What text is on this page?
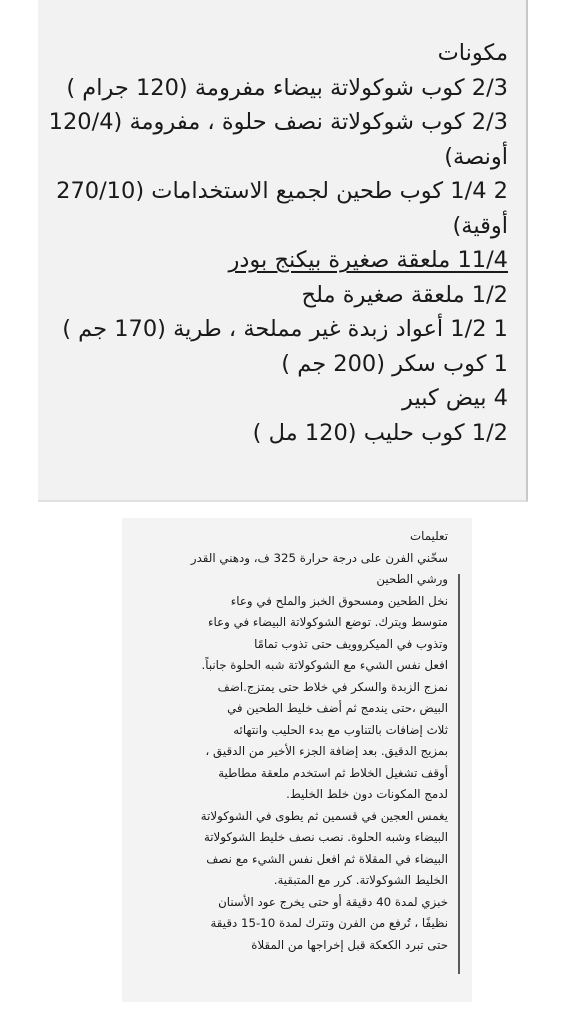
مكونات
2/3 كوب شوكولاتة بيضاء مفرومة (120 جرام )
2/3 كوب شوكولاتة نصف حلوة ، مفرومة (120/4
أونصة)
2 1/4 كوب طحين لجميع الاستخدامات (270/10
أوقية)
11/4 ملعقة صغيرة بيكنج بودر
1/2 ملعقة صغيرة ملح
1 1/2 أعواد زبدة غير مملحة ، طرية (170 جم )
1 كوب سكر (200 جم )
4 بيض كبير
1/2 كوب حليب (120 مل )
تعليمات
سخّني الفرن على درجة حرارة 325 ف، ودهني القدر
ورشي الطحين
نخل الطحين ومسحوق الخبز والملح في وعاء
متوسط ويترك. توضع الشوكولاتة البيضاء في وعاء
وتذوب في الميكروويف حتى تذوب تمامًا
افعل نفس الشيء مع الشوكولاتة شبه الحلوة جانباً.
نمزج الزبدة والسكر في خلاط حتى يمتزج.اضف
البيض ،حتى يندمج ثم أضف خليط الطحين في
ثلاث إضافات بالتناوب مع بدء الحليب وانتهائه
بمزيج الدقيق. بعد إضافة الجزء الأخير من الدقيق ،
أوقف تشغيل الخلاط ثم استخدم ملعقة مطاطية
لدمج المكونات دون خلط الخليط.
يغمس العجين في قسمين ثم يطوى في الشوكولاتة
البيضاء وشبه الحلوة. نصب نصف خليط الشوكولاتة
البيضاء في المقلاة ثم افعل نفس الشيء مع نصف
الخليط الشوكولاتة. كرر مع المتبقية.
خبزي لمدة 40 دقيقة أو حتى يخرج عود الأسنان
نظيفًا ، تُرفع من الفرن وتترك لمدة 10-15 دقيقة
حتى تبرد الكعكة قبل إخراجها من المقلاة
